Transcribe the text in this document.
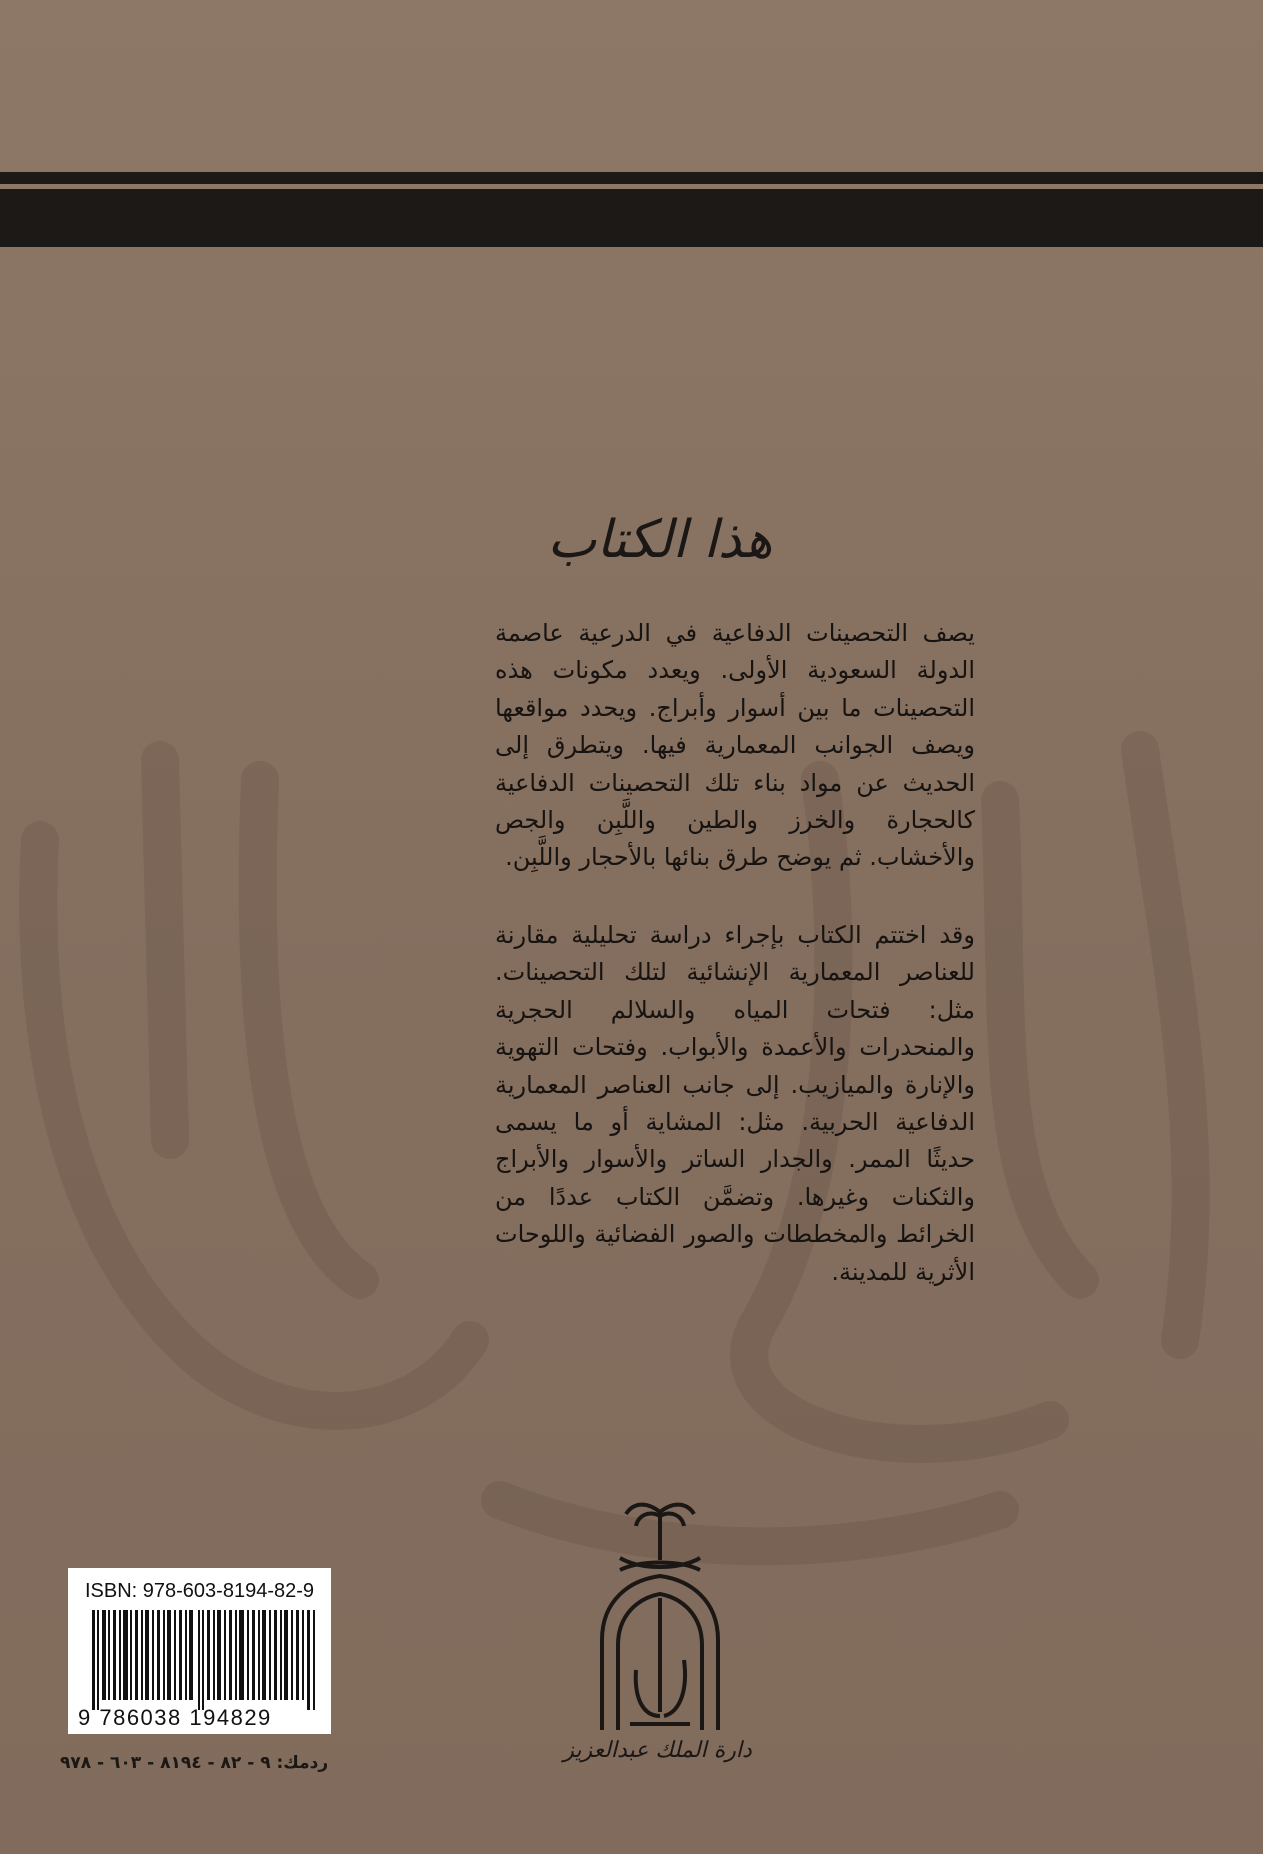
هذا الكتاب

يصف التحصينات الدفاعية في الدرعية عاصمة الدولة السعودية الأولى. ويعدد مكونات هذه التحصينات ما بين أسوار وأبراج. ويحدد مواقعها ويصف الجوانب المعمارية فيها. ويتطرق إلى الحديث عن مواد بناء تلك التحصينات الدفاعية كالحجارة والخرز والطين واللَّبِن والجص والأخشاب. ثم يوضح طرق بنائها بالأحجار واللَّبِن.

وقد اختتم الكتاب بإجراء دراسة تحليلية مقارنة للعناصر المعمارية الإنشائية لتلك التحصينات. مثل: فتحات المياه والسلالم الحجرية والمنحدرات والأعمدة والأبواب. وفتحات التهوية والإنارة والميازيب. إلى جانب العناصر المعمارية الدفاعية الحربية. مثل: المشاية أو ما يسمى حديثًا الممر. والجدار الساتر والأسوار والأبراج والثكنات وغيرها. وتضمَّن الكتاب عددًا من الخرائط والمخططات والصور الفضائية واللوحات الأثرية للمدينة.

دارة الملك عبدالعزيز
ISBN: 978-603-8194-82-9
9 786038 194829
ردمك: ٩ - ٨٢ - ٨١٩٤ - ٦٠٣ - ٩٧٨
